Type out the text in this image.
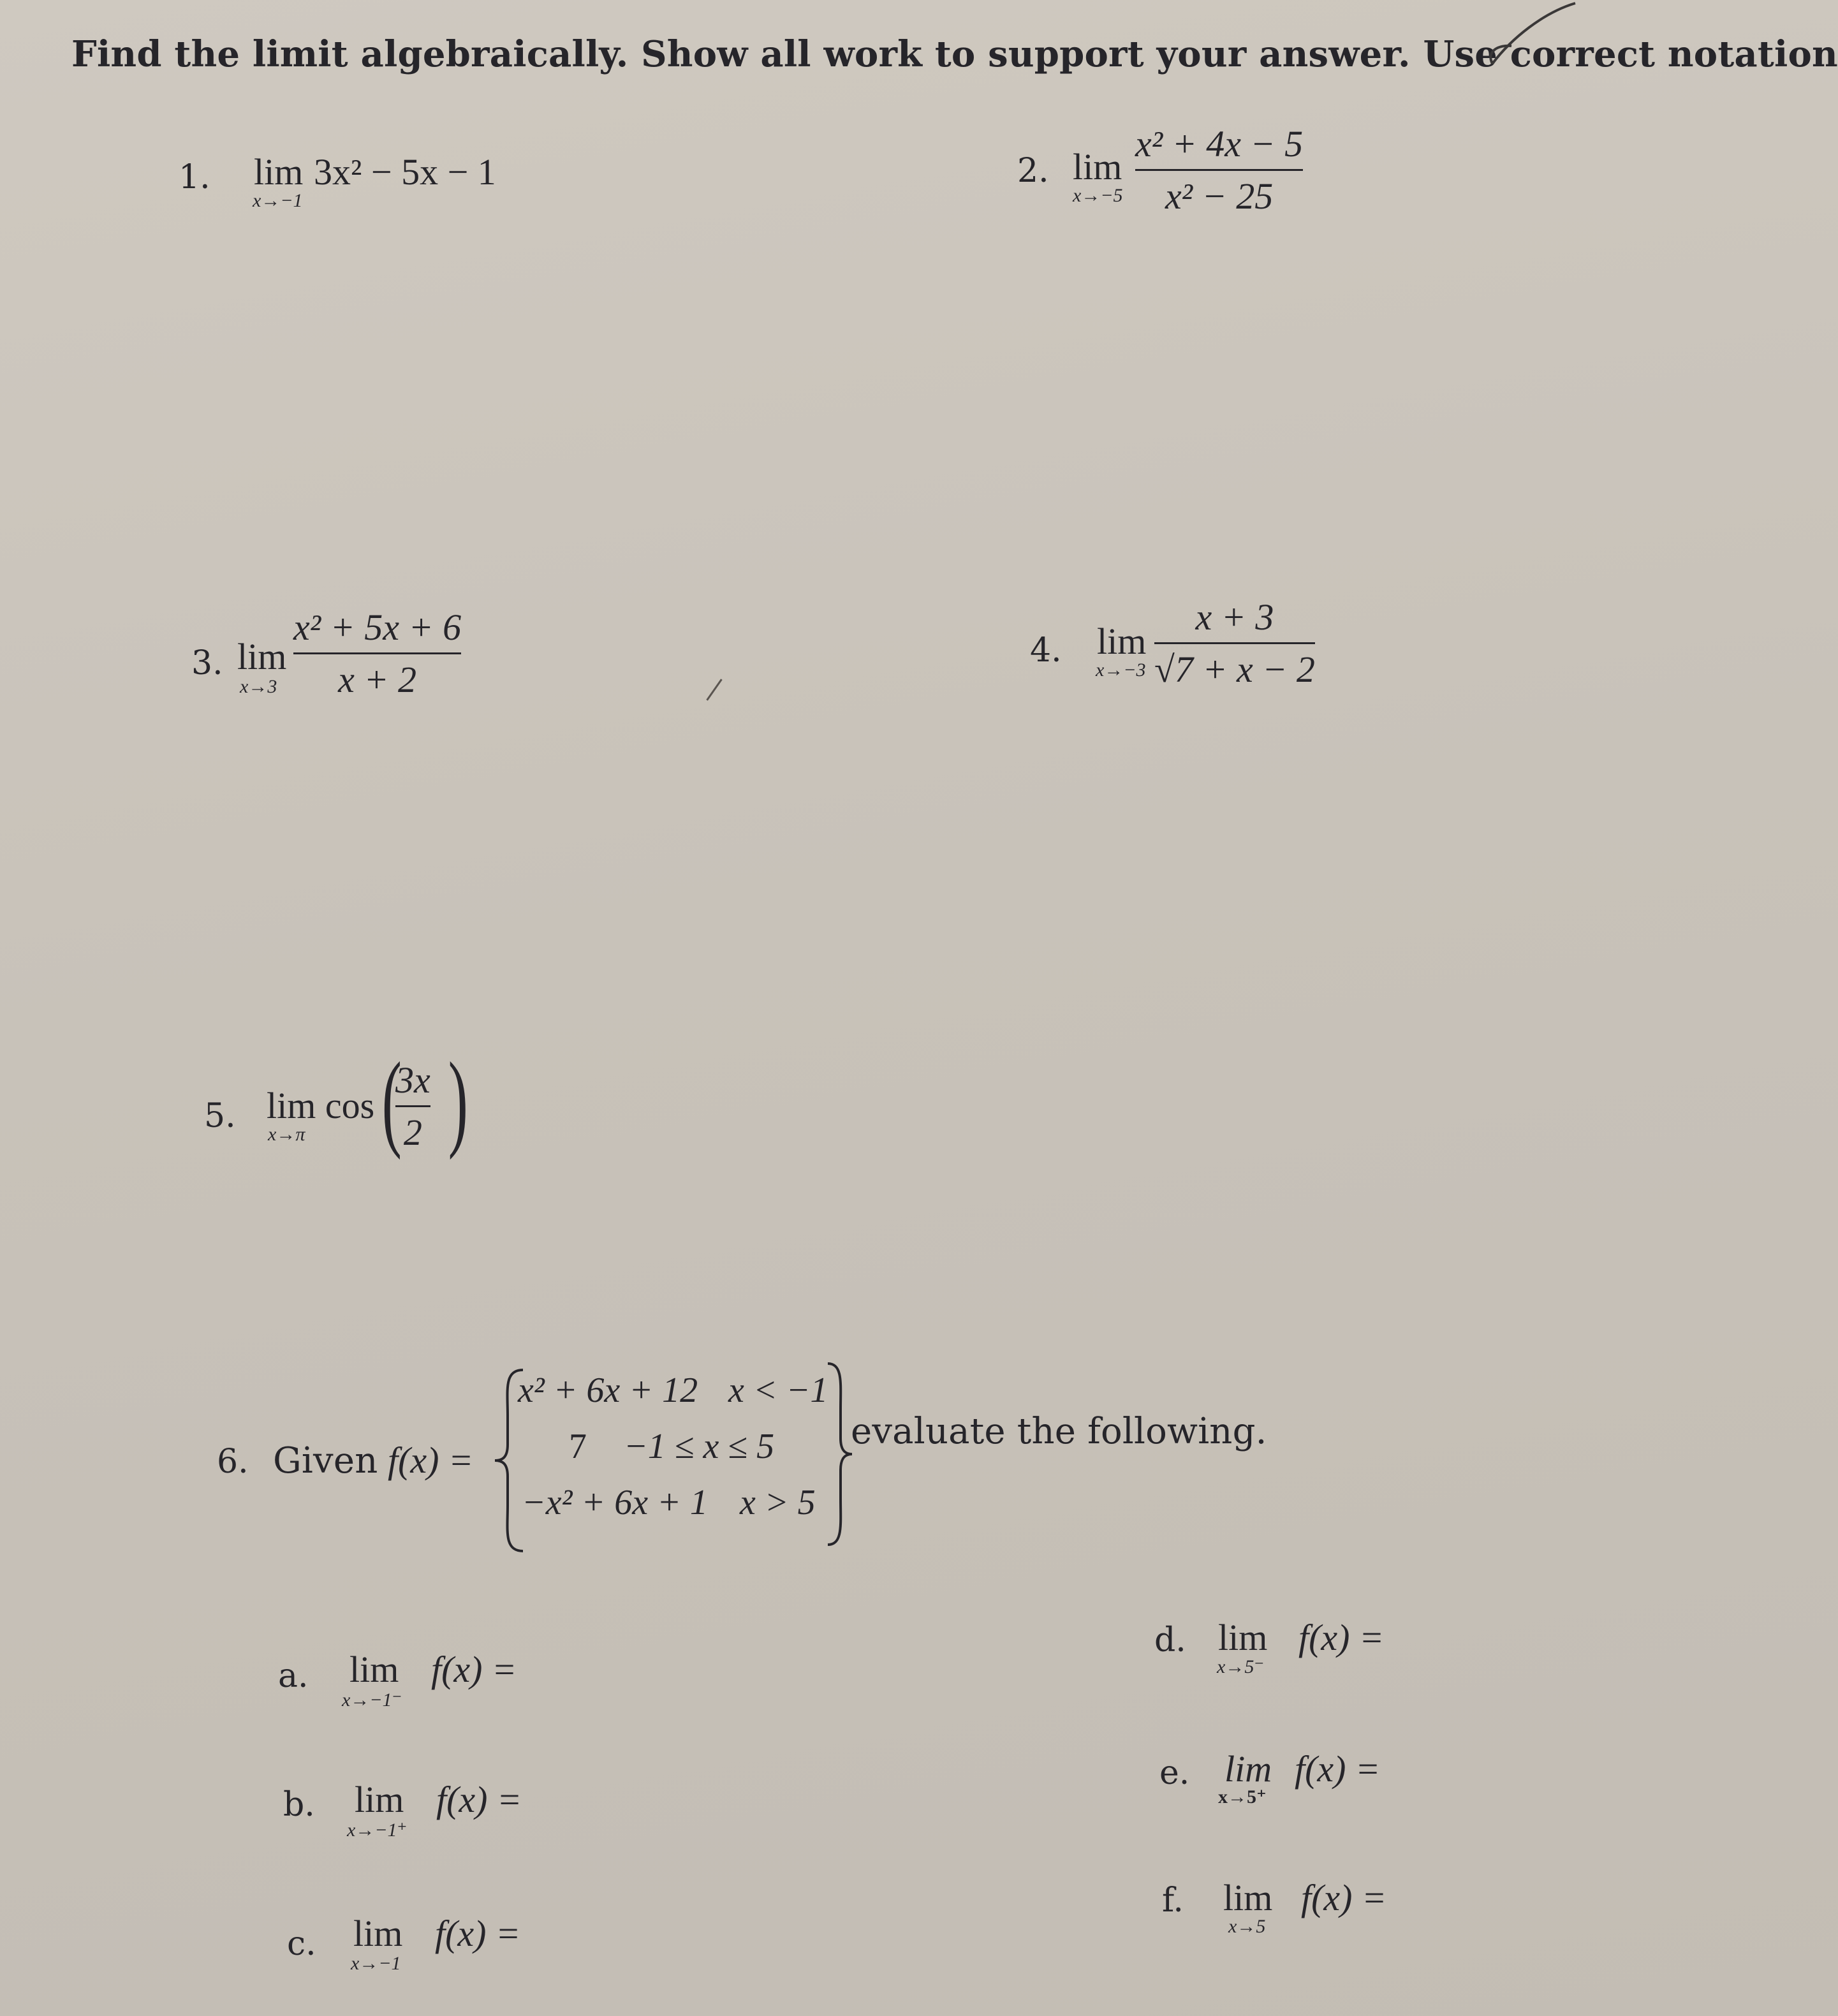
Find the limit algebraically. Show all work to support your answer. Use correct notation
1. lim
x→−1
3x² − 5x − 1	2. lim
x→−5
x² + 4x − 5
x² − 25
3. lim
x→3
x² + 5x + 6
x + 2
4. lim
x→−3
x + 3
√7 + x − 2
5. lim cos
x→π (
3x
2 )
6. Given f(x) =
x² + 6x + 12 x < −1
7 −1 ≤ x ≤ 5
−x² + 6x + 1 x > 5
evaluate the following.
a. lim
x→−1⁻
f(x) =
b. lim
x→−1⁺
f(x) =
c. lim
x→−1
f(x) =
d. lim
x→5⁻
f(x) =
e. lim
x→5⁺
f(x) =
f. lim
x→5
f(x) =
